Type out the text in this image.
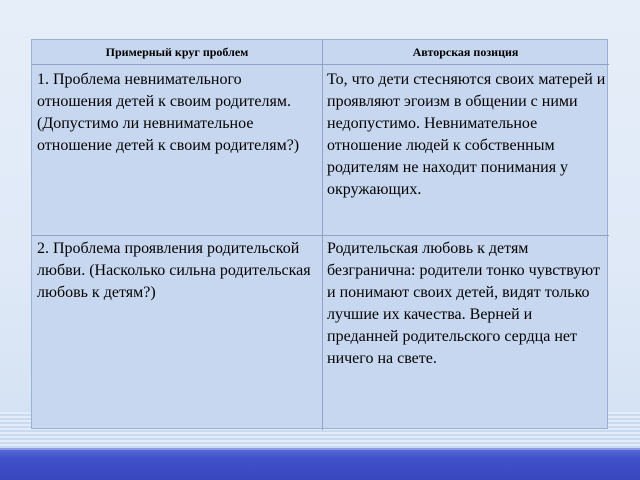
Примерный круг проблем	Авторская позиция
1. Проблема невнимательного отношения детей к своим родителям. (Допустимо ли невнимательное отношение детей к своим родителям?)
То, что дети стесняются своих матерей и проявляют эгоизм в общении с ними недопустимо. Невнимательное отношение людей к собственным родителям не находит понимания у окружающих.
2. Проблема проявления родительской любви. (Насколько сильна родительская любовь к детям?)
Родительская любовь к детям безгранична: родители тонко чувствуют и понимают своих детей, видят только лучшие их качества. Верней и преданней родительского сердца нет ничего на свете.
